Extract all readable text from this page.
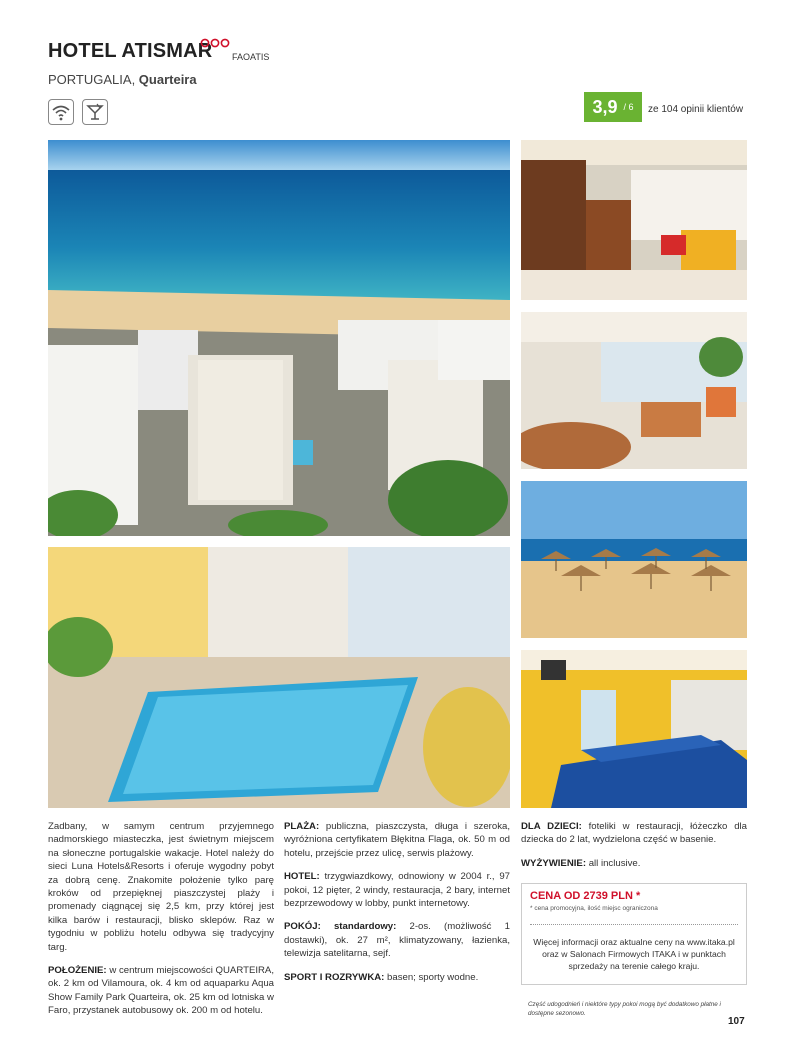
HOTEL ATISMAR FAOATIS
PORTUGALIA, Quarteira
3,9 / 6 ze 104 opinii klientów

Zadbany, w samym centrum przyjemnego nadmorskiego miasteczka, jest świetnym miejscem na słoneczne portugalskie wakacje. Hotel należy do sieci Luna Hotels&Resorts i oferuje wygodny pobyt za dobrą cenę. Znakomite położenie tylko parę kroków od przepięknej piaszczystej plaży i promenady ciągnącej się 2,5 km, przy której jest kilka barów i restauracji, blisko sklepów. Raz w tygodniu w pobliżu hotelu odbywa się tradycyjny targ.

POŁOŻENIE: w centrum miejscowości QUARTEIRA, ok. 2 km od Vilamoura, ok. 4 km od aquaparku Aqua Show Family Park Quarteira, ok. 25 km od lotniska w Faro, przystanek autobusowy ok. 200 m od hotelu.

PLAŻA: publiczna, piaszczysta, długa i szeroka, wyróżniona certyfikatem Błękitna Flaga, ok. 50 m od hotelu, przejście przez ulicę, serwis plażowy.

HOTEL: trzygwiazdkowy, odnowiony w 2004 r., 97 pokoi, 12 pięter, 2 windy, restauracja, 2 bary, internet bezprzewodowy w lobby, punkt internetowy.

POKÓJ: standardowy: 2-os. (możliwość 1 dostawki), ok. 27 m², klimatyzowany, łazienka, telewizja satelitarna, sejf.

SPORT I ROZRYWKA: basen; sporty wodne.

DLA DZIECI: foteliki w restauracji, łóżeczko dla dziecka do 2 lat, wydzielona część w basenie.

WYŻYWIENIE: all inclusive.

CENA OD 2739 PLN *
* cena promocyjna, ilość miejsc ograniczona
Więcej informacji oraz aktualne ceny na www.itaka.pl oraz w Salonach Firmowych ITAKA i w punktach sprzedaży na terenie całego kraju.
Część udogodnień i niektóre typy pokoi mogą być dodatkowo płatne i dostępne sezonowo.
107
